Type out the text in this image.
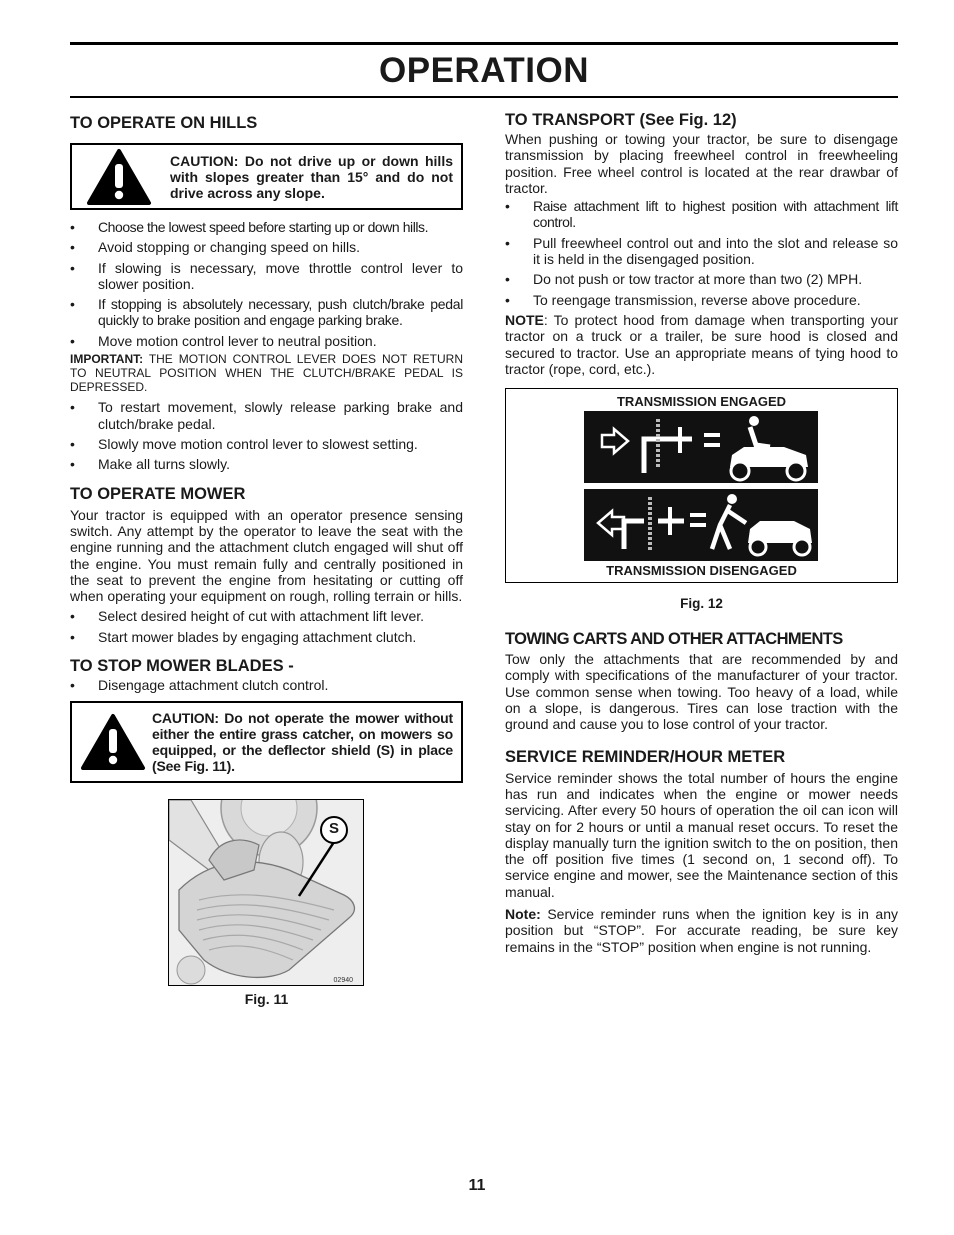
OPERATION
TO OPERATE ON HILLS
CAUTION: Do not drive up or down hills with slopes greater than 15° and do not drive across any slope.
• Choose the lowest speed before starting up or down hills.
• Avoid stopping or changing speed on hills.
• If slowing is necessary, move throttle control lever to slower position.
• If stopping is absolutely necessary, push clutch/brake pedal quickly to brake position and engage parking brake.
• Move motion control lever to neutral position.
IMPORTANT: THE MOTION CONTROL LEVER DOES NOT RETURN TO NEUTRAL POSITION WHEN THE CLUTCH/BRAKE PEDAL IS DEPRESSED.
• To restart movement, slowly release parking brake and clutch/brake pedal.
• Slowly move motion control lever to slowest setting.
• Make all turns slowly.
TO OPERATE MOWER

Your tractor is equipped with an operator presence sensing switch. Any attempt by the operator to leave the seat with the engine running and the attachment clutch engaged will shut off the engine. You must remain fully and centrally positioned in the seat to prevent the engine from hesitating or cutting off when operating your equipment on rough, rolling terrain or hills.

• Select desired height of cut with attachment lift lever.
• Start mower blades by engaging attachment clutch.
TO STOP MOWER BLADES -
• Disengage attachment clutch control.
CAUTION: Do not operate the mower without either the entire grass catcher, on mowers so equipped, or the deflector shield (S) in place (See Fig. 11).
S
02940
Fig. 11
TO TRANSPORT (See Fig. 12)

When pushing or towing your tractor, be sure to disengage transmission by placing freewheel control in freewheeling position. Free wheel control is located at the rear drawbar of tractor.

• Raise attachment lift to highest position with attachment lift control.
• Pull freewheel control out and into the slot and release so it is held in the disengaged position.
• Do not push or tow tractor at more than two (2) MPH.
• To reengage transmission, reverse above procedure.

NOTE: To protect hood from damage when transporting your tractor on a truck or a trailer, be sure hood is closed and secured to tractor. Use an appropriate means of tying hood to tractor (rope, cord, etc.).

TRANSMISSION ENGAGED
TRANSMISSION DISENGAGED
Fig. 12
TOWING CARTS AND OTHER ATTACHMENTS

Tow only the attachments that are recommended by and comply with specifications of the manufacturer of your tractor. Use common sense when towing. Too heavy of a load, while on a slope, is dangerous. Tires can lose traction with the ground and cause you to lose control of your tractor.

SERVICE REMINDER/HOUR METER

Service reminder shows the total number of hours the engine has run and indicates when the engine or mower needs servicing. After every 50 hours of operation the oil can icon will stay on for 2 hours or until a manual reset occurs. To reset the display manually turn the ignition switch to the on position, then the off position five times (1 second on, 1 second off). To service engine and mower, see the Maintenance section of this manual.

Note: Service reminder runs when the ignition key is in any position but “STOP”. For accurate reading, be sure key remains in the “STOP” position when engine is not running.

11
